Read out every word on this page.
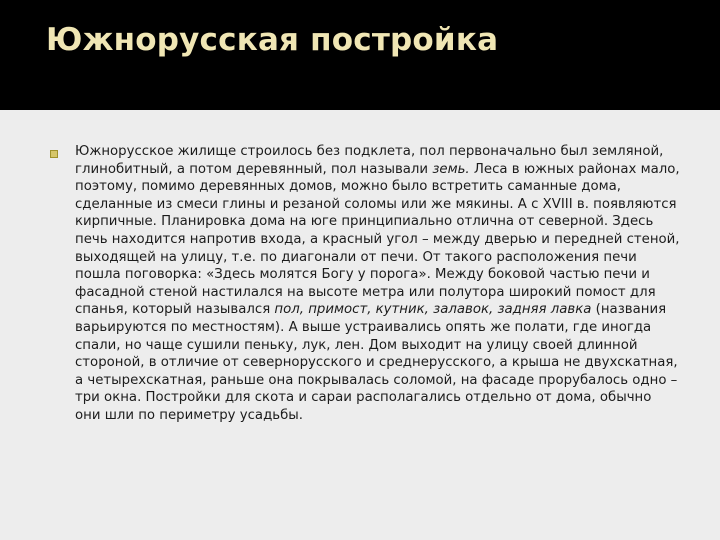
Южнорусская постройка

Южнорусское жилище строилось без подклета, пол первоначально был земляной, глинобитный, а потом деревянный, пол называли земь. Леса в южных районах мало, поэтому, помимо деревянных домов, можно было встретить саманные дома, сделанные из смеси глины и резаной соломы или же мякины. А с XVIII в. появляются кирпичные. Планировка дома на юге принципиально отлична от северной. Здесь печь находится напротив входа, а красный угол – между дверью и передней стеной, выходящей на улицу, т.е. по диагонали от печи. От такого расположения печи пошла поговорка: «Здесь молятся Богу у порога». Между боковой частью печи и фасадной стеной настилался на высоте метра или полутора широкий помост для спанья, который назывался пол, примост, кутник, залавок, задняя лавка (названия варьируются по местностям). А выше устраивались опять же полати, где иногда спали, но чаще сушили пеньку, лук, лен. Дом выходит на улицу своей длинной стороной, в отличие от севернорусского и среднерусского, а крыша не двухскатная, а четырехскатная, раньше она покрывалась соломой, на фасаде прорубалось одно – три окна. Постройки для скота и сараи располагались отдельно от дома, обычно они шли по периметру усадьбы.
